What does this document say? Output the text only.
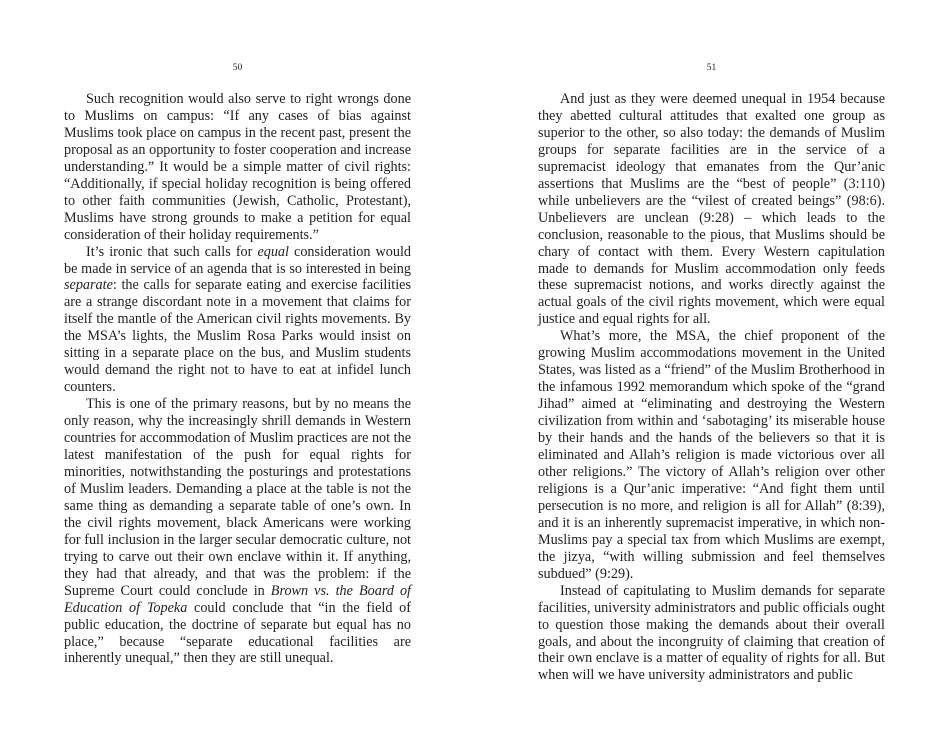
50

Such recognition would also serve to right wrongs done to Muslims on campus: “If any cases of bias against Muslims took place on campus in the recent past, present the proposal as an opportunity to foster cooperation and increase understanding.” It would be a simple matter of civil rights: “Additionally, if special holiday recognition is being offered to other faith communities (Jewish, Catholic, Protestant), Muslims have strong grounds to make a petition for equal consideration of their holiday requirements.”

It’s ironic that such calls for equal consideration would be made in service of an agenda that is so interested in being separate: the calls for separate eating and exercise facilities are a strange discordant note in a movement that claims for itself the mantle of the American civil rights movements. By the MSA’s lights, the Muslim Rosa Parks would insist on sitting in a separate place on the bus, and Muslim students would demand the right not to have to eat at infidel lunch counters.

This is one of the primary reasons, but by no means the only reason, why the increasingly shrill demands in Western countries for accommodation of Muslim practices are not the latest manifestation of the push for equal rights for minorities, notwithstanding the posturings and protestations of Muslim leaders. Demanding a place at the table is not the same thing as demanding a separate table of one’s own. In the civil rights movement, black Americans were working for full inclusion in the larger secular democratic culture, not trying to carve out their own enclave within it. If anything, they had that already, and that was the problem: if the Supreme Court could conclude in Brown vs. the Board of Education of Topeka could conclude that “in the field of public education, the doctrine of separate but equal has no place,” because “separate educational facilities are inherently unequal,” then they are still unequal.

51

And just as they were deemed unequal in 1954 because they abetted cultural attitudes that exalted one group as superior to the other, so also today: the demands of Muslim groups for separate facilities are in the service of a supremacist ideology that emanates from the Qur’anic assertions that Muslims are the “best of people” (3:110) while unbelievers are the “vilest of created beings” (98:6). Unbelievers are unclean (9:28) – which leads to the conclusion, reasonable to the pious, that Muslims should be chary of contact with them. Every Western capitulation made to demands for Muslim accommodation only feeds these supremacist notions, and works directly against the actual goals of the civil rights movement, which were equal justice and equal rights for all.

What’s more, the MSA, the chief proponent of the growing Muslim accommodations movement in the United States, was listed as a “friend” of the Muslim Brotherhood in the infamous 1992 memorandum which spoke of the “grand Jihad” aimed at “eliminating and destroying the Western civilization from within and ‘sabotaging’ its miserable house by their hands and the hands of the believers so that it is eliminated and Allah’s religion is made victorious over all other religions.” The victory of Allah’s religion over other religions is a Qur’anic imperative: “And fight them until persecution is no more, and religion is all for Allah” (8:39), and it is an inherently supremacist imperative, in which non-Muslims pay a special tax from which Muslims are exempt, the jizya, “with willing submission and feel themselves subdued” (9:29).

Instead of capitulating to Muslim demands for separate facilities, university administrators and public officials ought to question those making the demands about their overall goals, and about the incongruity of claiming that creation of their own enclave is a matter of equality of rights for all. But when will we have university administrators and public
